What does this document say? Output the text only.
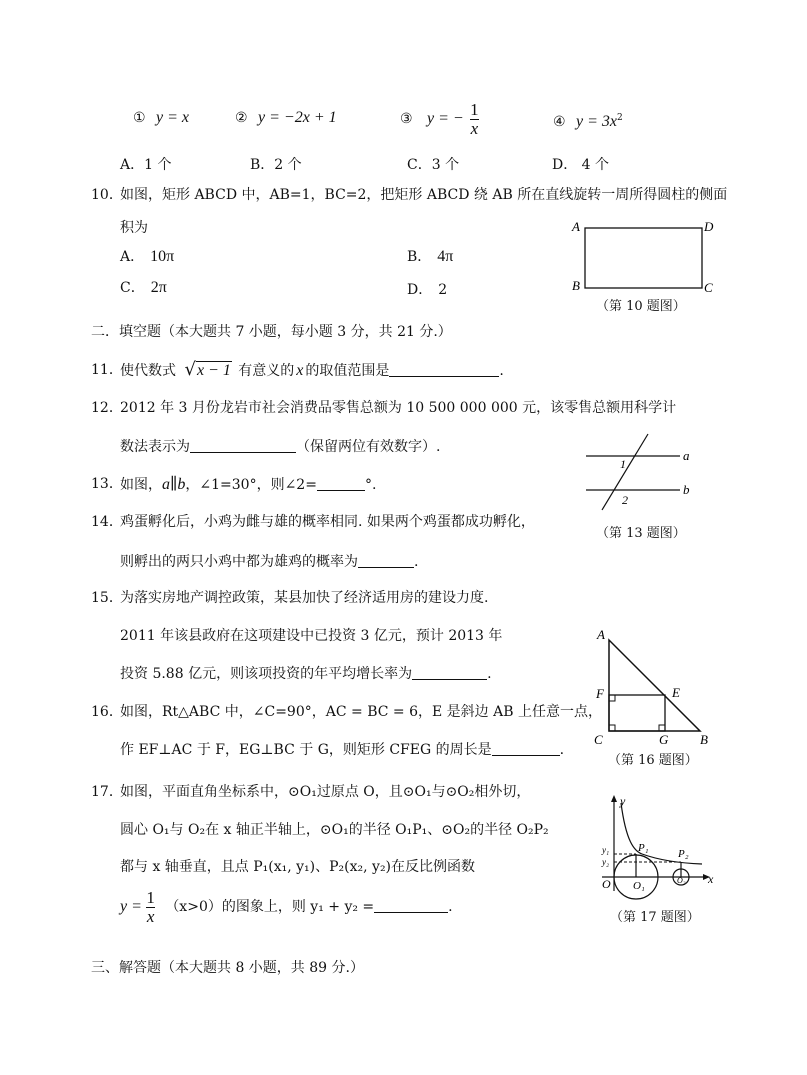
① y = x	② y = −2x + 1	③ y = − $\frac{1}{x}$	④ $y = 3x^2$
A．1 个	B．2 个	C．3 个	D． 4 个
10．
如图，矩形 ABCD 中，AB=1，BC=2，把矩形 ABCD 绕 AB 所在直线旋转一周所得圆柱的侧面
积为
A． 10π	B． 4π
C． 2π	D． 2
A	D
B	C
（第 10 题图）
二．填空题（本大题共 7 小题，每小题 3 分，共 21 分.）
11．
使代数式 √x − 1 有意义的 x 的取值范围是	.
12．
2012 年 3 月份龙岩市社会消费品零售总额为 10 500 000 000 元，该零售总额用科学计
数法表示为	（保留两位有效数字）.
13．
如图，a∥b，∠1=30°，则∠2=	°.
1
2
a
b
（第 13 题图）
14．
鸡蛋孵化后，小鸡为雌与雄的概率相同. 如果两个鸡蛋都成功孵化，
则孵出的两只小鸡中都为雄鸡的概率为	.
15．
为落实房地产调控政策，某县加快了经济适用房的建设力度.
2011 年该县政府在这项建设中已投资 3 亿元，预计 2013 年
投资 5.88 亿元，则该项投资的年平均增长率为	.
16．
如图，Rt△ABC 中，∠C=90°，AC = BC = 6，E 是斜边 AB 上任意一点，
作 EF⊥AC 于 F，EG⊥BC 于 G，则矩形 CFEG 的周长是	.
A
F	E
C	G B
（第 16 题图）
17．
如图，平面直角坐标系中，⊙O₁过原点 O，且⊙O₁与⊙O₂相外切，
圆心 O₁与 O₂在 x 轴正半轴上，⊙O₁的半径 O₁P₁、⊙O₂的半径 O₂P₂
都与 x 轴垂直，且点 P₁(x₁, y₁)、P₂(x₂, y₂)在反比例函数
$y = \frac{1}{x} (x>0)$的图象上，则 y₁ + y₂ =	.
y
P₁	P₂
y₁
y₂
O O₁	O₂ x
（第 17 题图）
三、解答题（本大题共 8 小题，共 89 分.）
